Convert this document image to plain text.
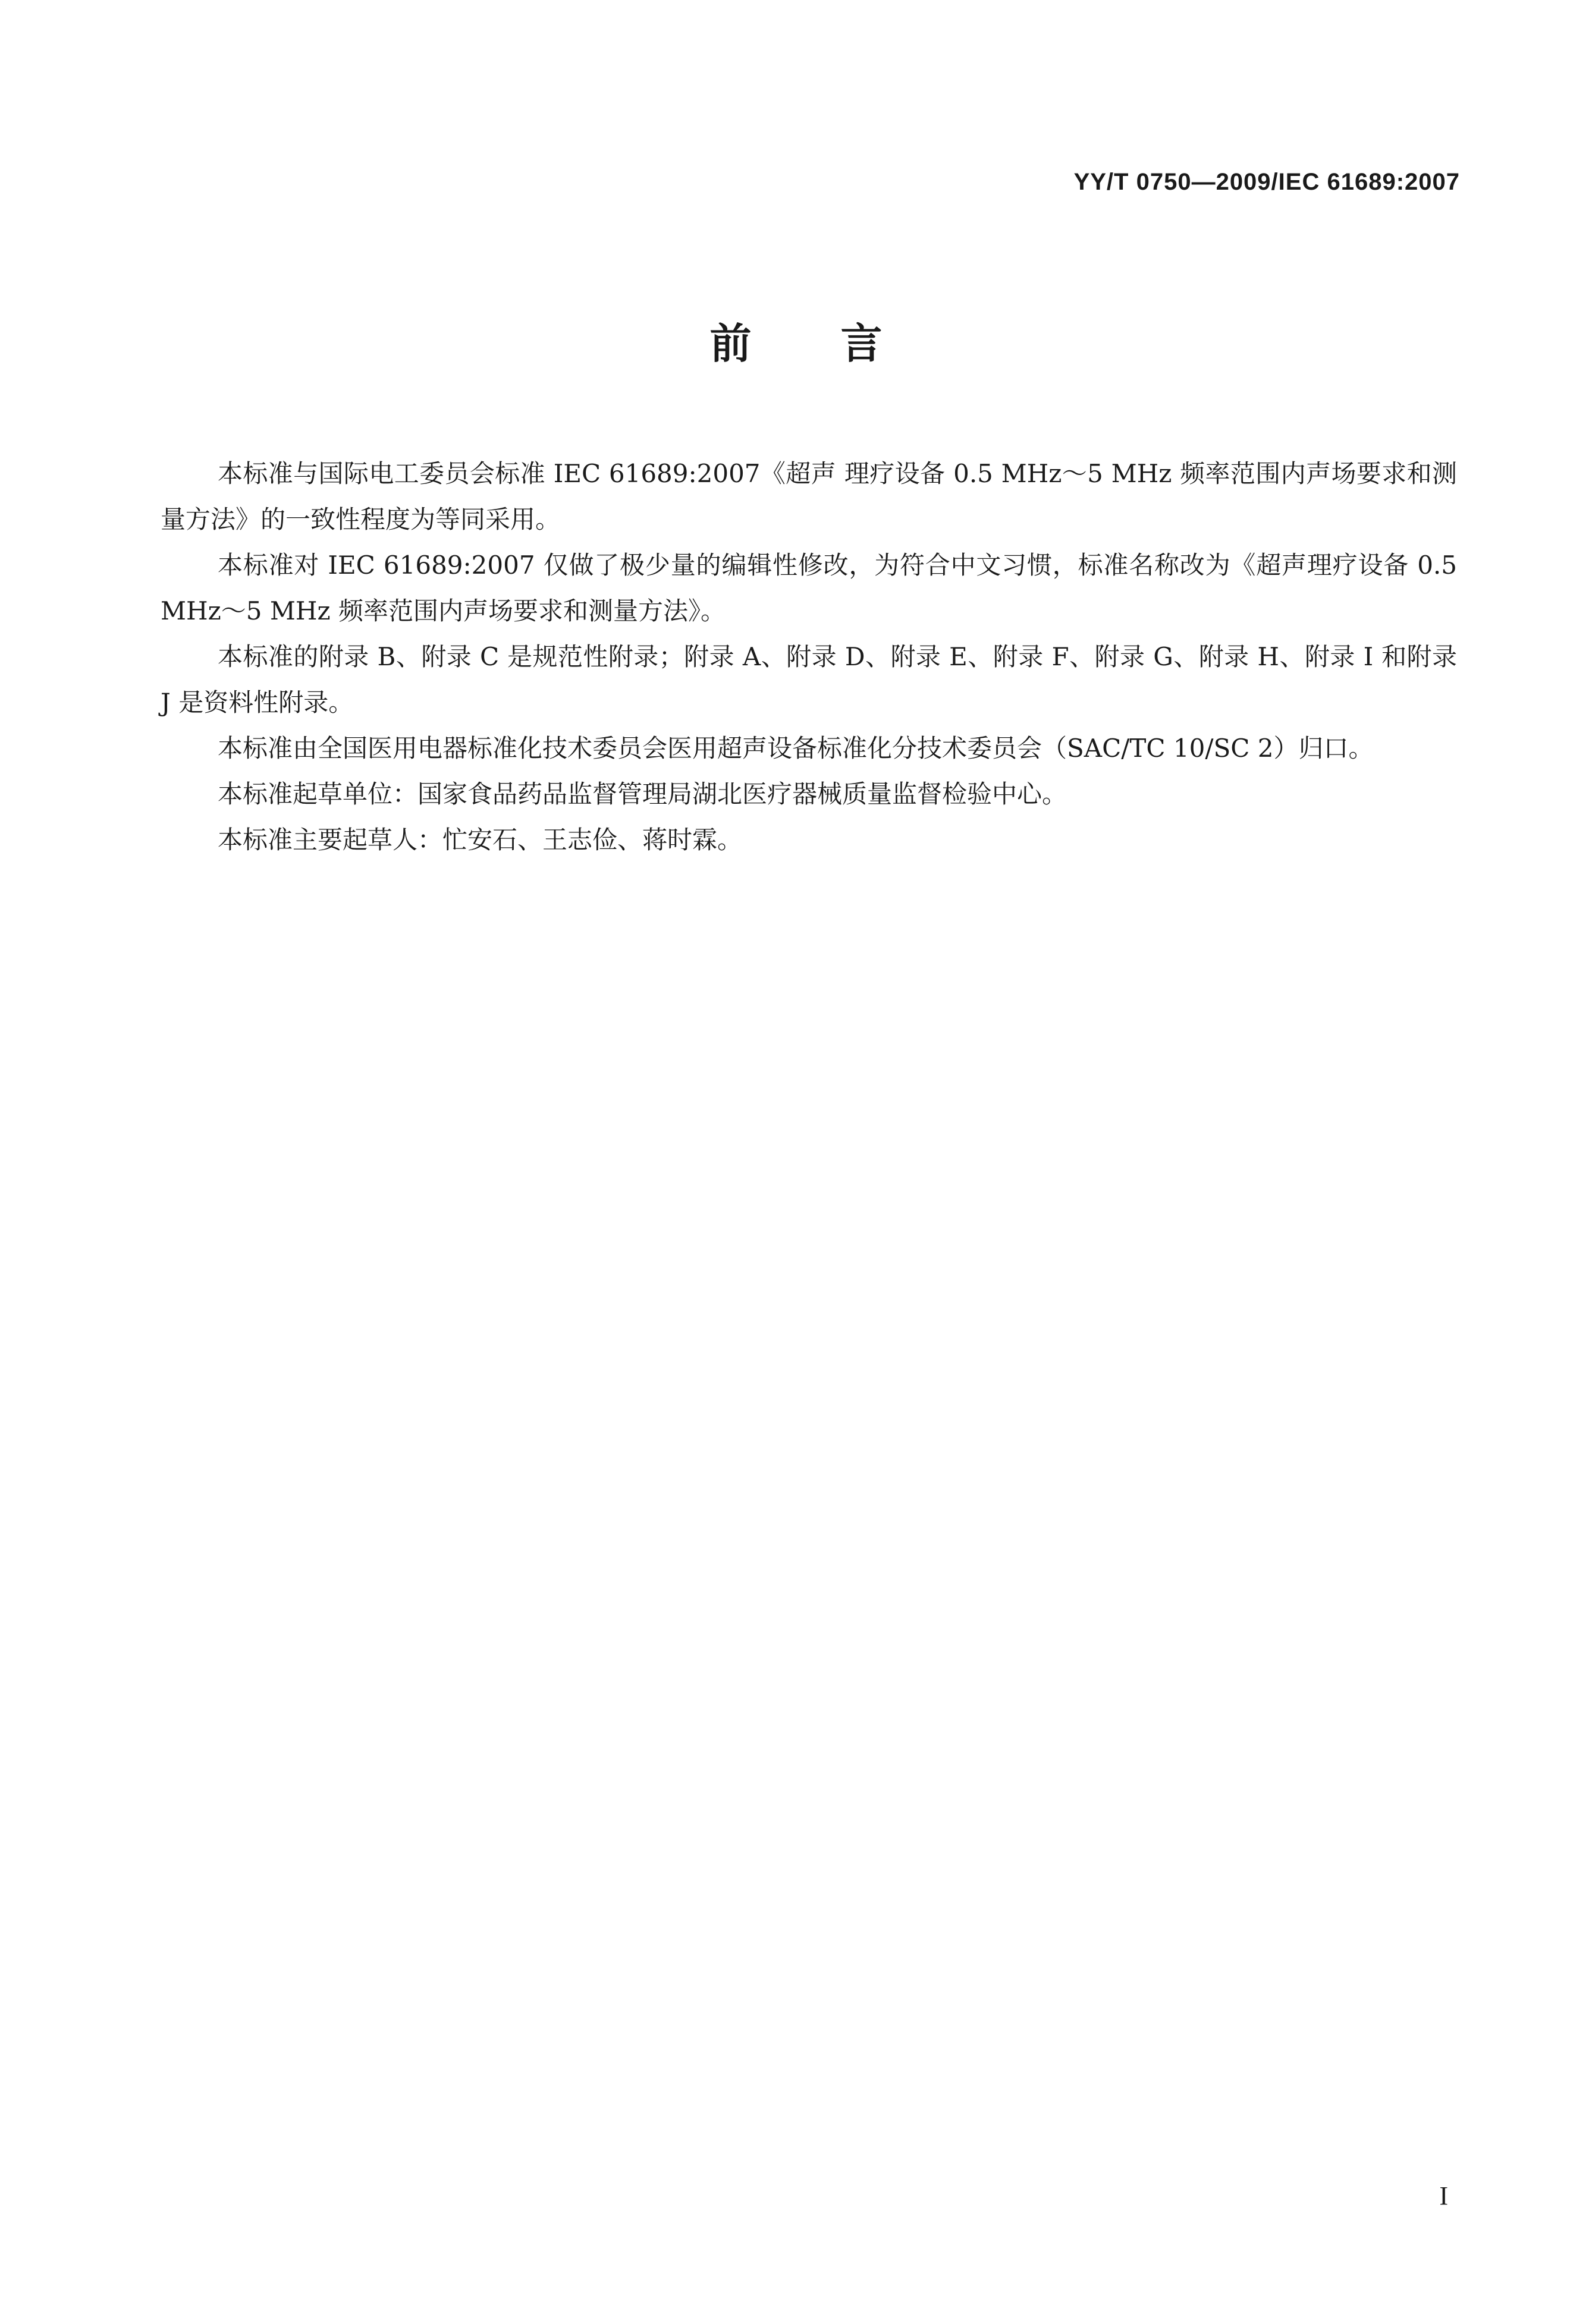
YY/T 0750—2009/IEC 61689:2007
前言

本标准与国际电工委员会标准 IEC 61689:2007《超声 理疗设备 0.5 MHz～5 MHz 频率范围内声场要求和测量方法》的一致性程度为等同采用。

本标准对 IEC 61689:2007 仅做了极少量的编辑性修改，为符合中文习惯，标准名称改为《超声理疗设备 0.5 MHz～5 MHz 频率范围内声场要求和测量方法》。

本标准的附录 B、附录 C 是规范性附录；附录 A、附录 D、附录 E、附录 F、附录 G、附录 H、附录 I 和附录 J 是资料性附录。

本标准由全国医用电器标准化技术委员会医用超声设备标准化分技术委员会（SAC/TC 10/SC 2）归口。

本标准起草单位：国家食品药品监督管理局湖北医疗器械质量监督检验中心。

本标准主要起草人：忙安石、王志俭、蒋时霖。

I
